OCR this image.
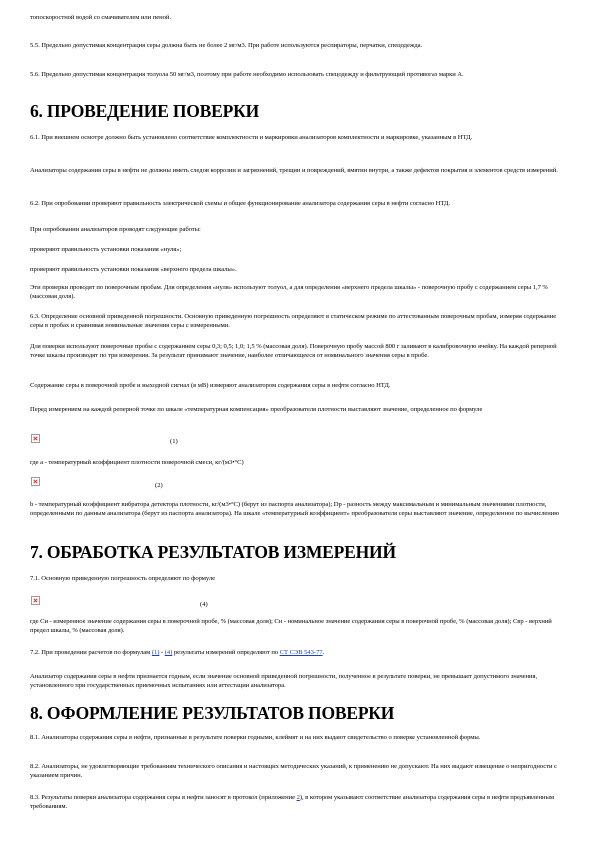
топоскоростной водой со смачивателем или пеной.

5.5. Предельно допустимая концентрация серы должна быть не более 2 мг/м3. При работе используются респираторы, перчатки, спецодежда.

5.6. Предельно допустимая концентрация толуола 50 мг/м3, поэтому при работе необходимо использовать спецодежду и фильтрующий противогаз марки А.

6. ПРОВЕДЕНИЕ ПОВЕРКИ

6.1. При внешнем осмотре должно быть установлено соответствие комплектности и маркировки анализаторов комплектности и маркировке, указанным в НТД.

Анализаторы содержания серы в нефти не должны иметь следов коррозии и загрязнений, трещин и повреждений, вмятин внутри, а также дефектов покрытия и элементов средств измерений.

6.2. При опробовании проверяют правильность электрической схемы и общее функционирование анализатора содержания серы в нефти согласно НТД.

При опробовании анализаторов проводят следующие работы:

проверяют правильность установки показания «нуля»;

проверяют правильность установки показания «верхнего предела шкалы».

Эти проверки проводят по поверочным пробам. Для определения «нуля» используют толуол, а для определения «верхнего предела шкалы» - поверочную пробу с содержанием серы 1,7 % (массовая доля).

6.3. Определение основной приведенной погрешности. Основную приведенную погрешность определяют в статическом режиме по аттестованным поверочным пробам, измеряя содержание серы в пробах и сравнивая номинальные значения серы с измеренными.

Для поверки используют поверочные пробы с содержанием серы 0,3; 0,5; 1,0; 1,5 % (массовая доля). Поверочную пробу массой 800 г заливают в калибровочную ячейку. На каждой реперной точке шкалы производят по три измерения. За результат принимают значение, наиболее отличающееся от номинального значения серы в пробе.

Содержание серы в поверочной пробе и выходной сигнал (в мВ) измеряют анализатором содержания серы в нефти согласно НТД.

Перед измерением на каждой реперной точке по шкале «температурная компенсация» преобразователя плотности выставляют значение, определенное по формуле

(1)

где а - температурный коэффициент плотности поверочной смеси, кг/(м3•°С)

(2)

b - температурный коэффициент вибратора детектора плотности, кг/(м3•°С) (берут из паспорта анализатора); Dр - разность между максимальным и минимальным значениями плотности, определенными по данным анализатора (берут из паспорта анализатора). На шкале «температурный коэффициент» преобразователя серы выставляют значение, определенное по вычислению

7. ОБРАБОТКА РЕЗУЛЬТАТОВ ИЗМЕРЕНИЙ

7.1. Основную приведенную погрешность определяют по формуле

(4)

где Си - измеренное значение содержания серы в поверочной пробе, % (массовая доля); Сн - номинальное значение содержания серы в поверочной пробе, % (массовая доля); Свр - верхний предел шкалы, % (массовая доля).

7.2. При проведении расчетов по формулам (1) - (4) результаты измерений определяют по СТ СЭВ 543-77.

Анализатор содержания серы в нефти признается годным, если значение основной приведенной погрешности, полученное в результате поверки, не превышает допустимого значения, установленного при государственных приемочных испытаниях или аттестации анализатора.

8. ОФОРМЛЕНИЕ РЕЗУЛЬТАТОВ ПОВЕРКИ

8.1. Анализаторы содержания серы в нефти, признанные в результате поверки годными, клеймят и на них выдают свидетельство о поверке установленной формы.

8.2. Анализаторы, не удовлетворяющие требованиям технического описания и настоящих методических указаний, к применению не допускают. На них выдают извещение о непригодности с указанием причин.

8.3. Результаты поверки анализатора содержания серы в нефти заносят в протокол (приложение 2), в котором указывают соответствие анализатора содержания серы в нефти предъявленным требованиям.
